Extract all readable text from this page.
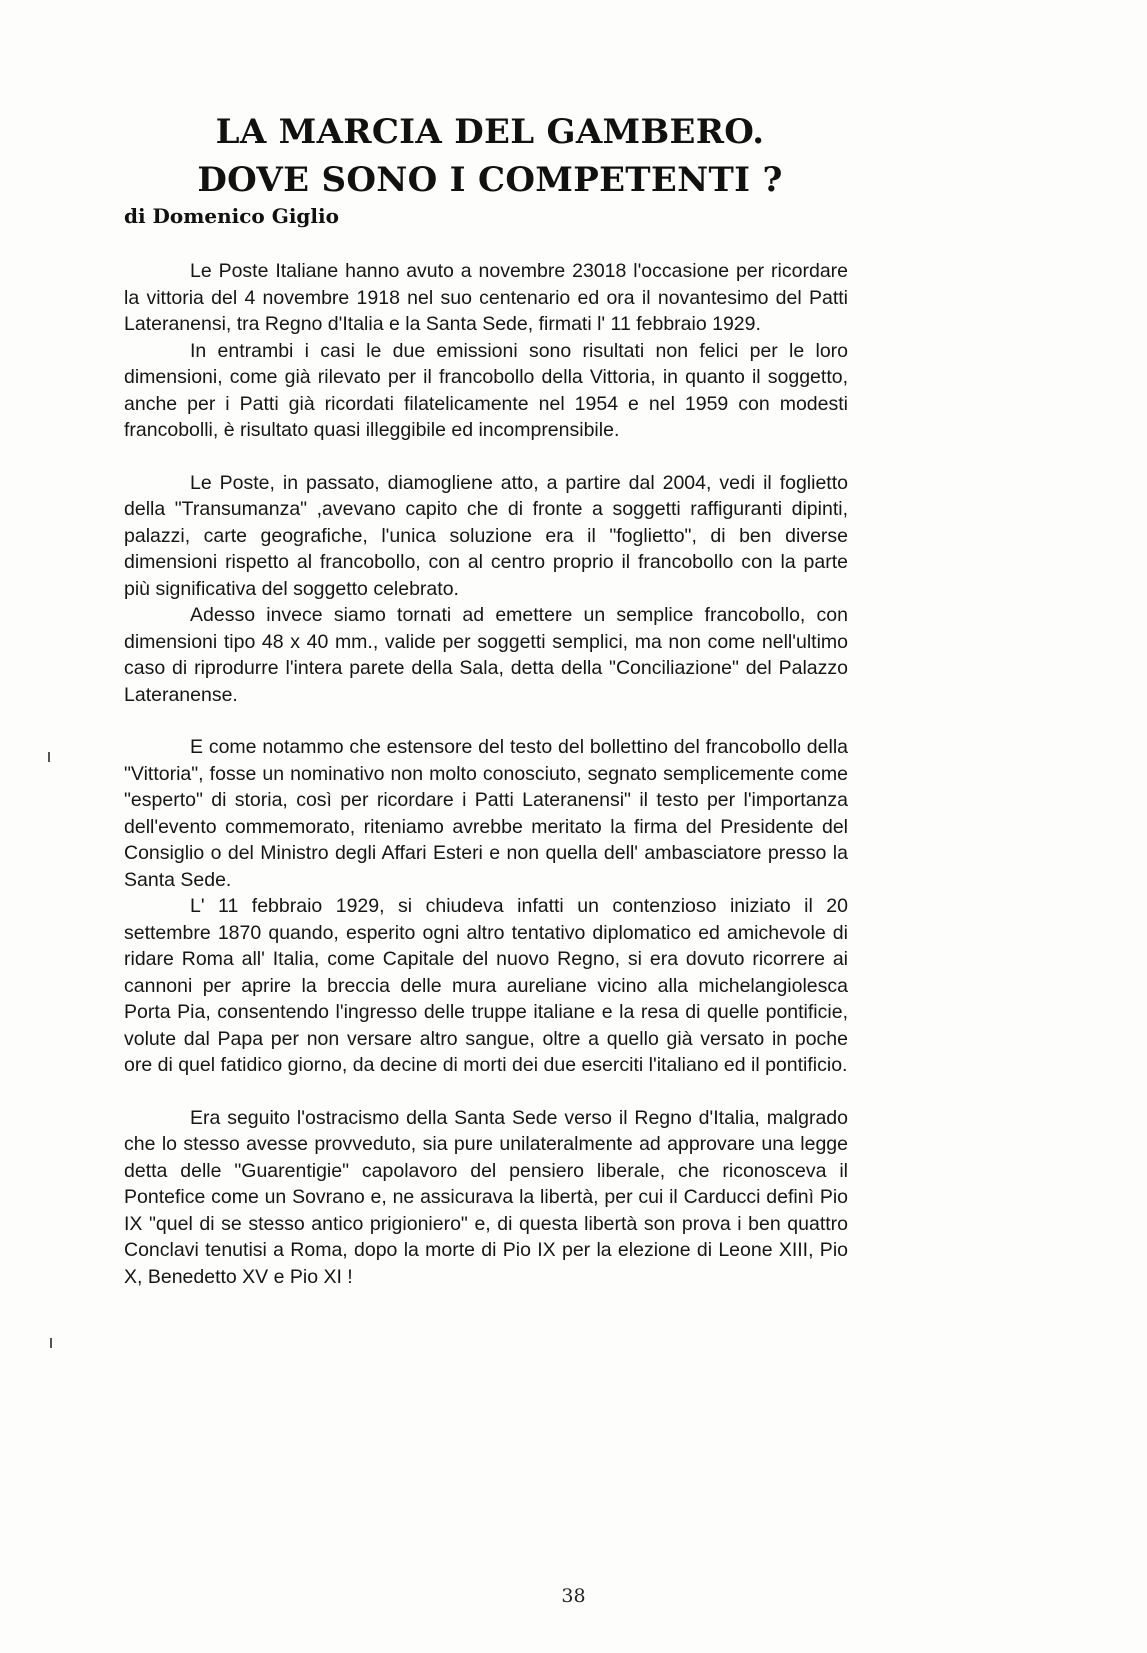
LA MARCIA DEL GAMBERO.
DOVE SONO I COMPETENTI ?
di Domenico Giglio

Le Poste Italiane hanno avuto a novembre 23018 l'occasione per ricordare la vittoria del 4 novembre 1918 nel suo centenario ed ora il novantesimo del Patti Lateranensi, tra Regno d'Italia e la Santa Sede, firmati l' 11 febbraio 1929.

In entrambi i casi le due emissioni sono risultati non felici per le loro dimensioni, come già rilevato per il francobollo della Vittoria, in quanto il soggetto, anche per i Patti già ricordati filatelicamente nel 1954 e nel 1959 con modesti francobolli, è risultato quasi illeggibile ed incomprensibile.

Le Poste, in passato, diamogliene atto, a partire dal 2004, vedi il foglietto della "Transumanza" ,avevano capito che di fronte a soggetti raffiguranti dipinti, palazzi, carte geografiche, l'unica soluzione era il "foglietto", di ben diverse dimensioni rispetto al francobollo, con al centro proprio il francobollo con la parte più significativa del soggetto celebrato.

Adesso invece siamo tornati ad emettere un semplice francobollo, con dimensioni tipo 48 x 40 mm., valide per soggetti semplici, ma non come nell'ultimo caso di riprodurre l'intera parete della Sala, detta della "Conciliazione" del Palazzo Lateranense.

E come notammo che estensore del testo del bollettino del francobollo della "Vittoria", fosse un nominativo non molto conosciuto, segnato semplicemente come "esperto" di storia, così per ricordare i Patti Lateranensi" il testo per l'importanza dell'evento commemorato, riteniamo avrebbe meritato la firma del Presidente del Consiglio o del Ministro degli Affari Esteri e non quella dell' ambasciatore presso la Santa Sede.

L' 11 febbraio 1929, si chiudeva infatti un contenzioso iniziato il 20 settembre 1870 quando, esperito ogni altro tentativo diplomatico ed amichevole di ridare Roma all' Italia, come Capitale del nuovo Regno, si era dovuto ricorrere ai cannoni per aprire la breccia delle mura aureliane vicino alla michelangiolesca Porta Pia, consentendo l'ingresso delle truppe italiane e la resa di quelle pontificie, volute dal Papa per non versare altro sangue, oltre a quello già versato in poche ore di quel fatidico giorno, da decine di morti dei due eserciti l'italiano ed il pontificio.

Era seguito l'ostracismo della Santa Sede verso il Regno d'Italia, malgrado che lo stesso avesse provveduto, sia pure unilateralmente ad approvare una legge detta delle "Guarentigie" capolavoro del pensiero liberale, che riconosceva il Pontefice come un Sovrano e, ne assicurava la libertà, per cui il Carducci definì Pio IX "quel di se stesso antico prigioniero" e, di questa libertà son prova i ben quattro Conclavi tenutisi a Roma, dopo la morte di Pio IX per la elezione di Leone XIII, Pio X, Benedetto XV e Pio XI !

38
